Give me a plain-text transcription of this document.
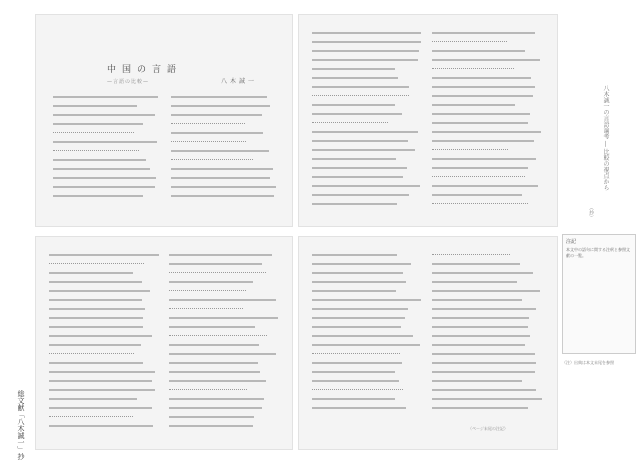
中国の言語
—言語の比較—	八木誠一
（ページ末尾の注記）
総文献「八木誠一」抄
八木誠一の言語論考 ― 比較の視点から
（抄）
注記
本文中の語句に関する注釈と参照文献の一覧。
（注）出典は本文末尾を参照
